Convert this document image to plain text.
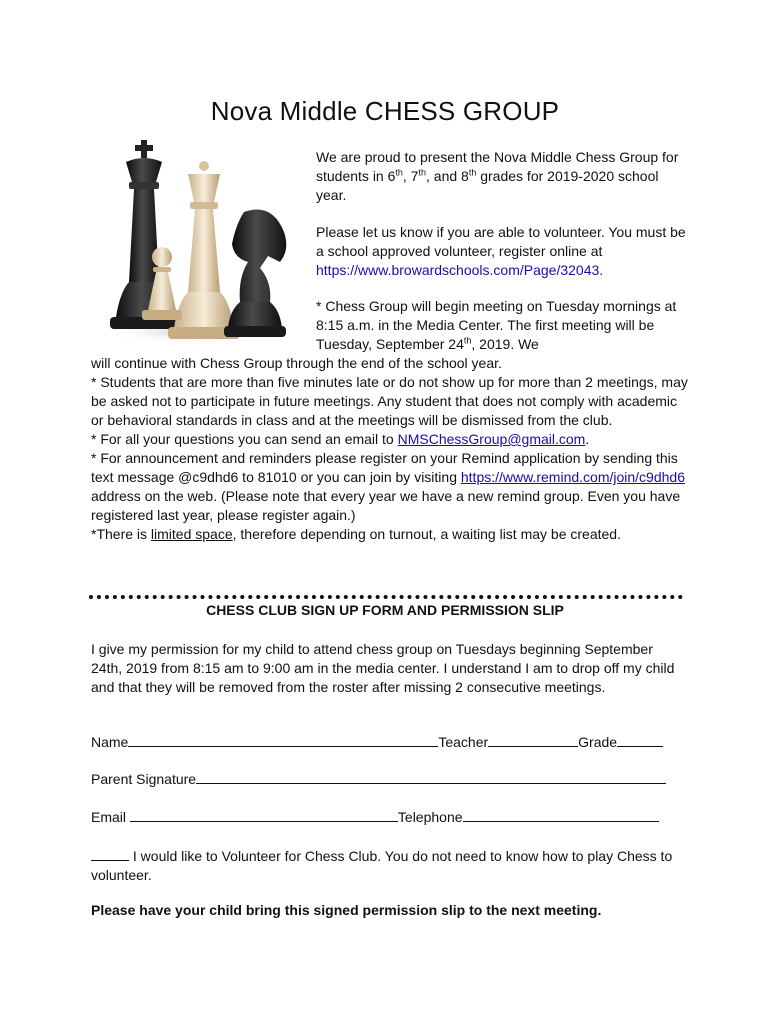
Nova Middle CHESS GROUP
We are proud to present the Nova Middle Chess Group for students in 6th, 7th, and 8th grades for 2019-2020 school year.
Please let us know if you are able to volunteer. You must be a school approved volunteer, register online at https://www.browardschools.com/Page/32043.
* Chess Group will begin meeting on Tuesday mornings at 8:15 a.m. in the Media Center. The first meeting will be Tuesday, September 24th, 2019. We
will continue with Chess Group through the end of the school year.
* Students that are more than five minutes late or do not show up for more than 2 meetings, may be asked not to participate in future meetings. Any student that does not comply with academic or behavioral standards in class and at the meetings will be dismissed from the club.
* For all your questions you can send an email to NMSChessGroup@gmail.com.
* For announcement and reminders please register on your Remind application by sending this text message @c9dhd6 to 81010 or you can join by visiting https://www.remind.com/join/c9dhd6 address on the web. (Please note that every year we have a new remind group. Even you have registered last year, please register again.)
*There is limited space, therefore depending on turnout, a waiting list may be created.
CHESS CLUB SIGN UP FORM AND PERMISSION SLIP
I give my permission for my child to attend chess group on Tuesdays beginning September 24th, 2019 from 8:15 am to 9:00 am in the media center. I understand I am to drop off my child and that they will be removed from the roster after missing 2 consecutive meetings.
Name	Teacher	Grade
Parent Signature
Email	Telephone
I would like to Volunteer for Chess Club. You do not need to know how to play Chess to volunteer.
Please have your child bring this signed permission slip to the next meeting.
